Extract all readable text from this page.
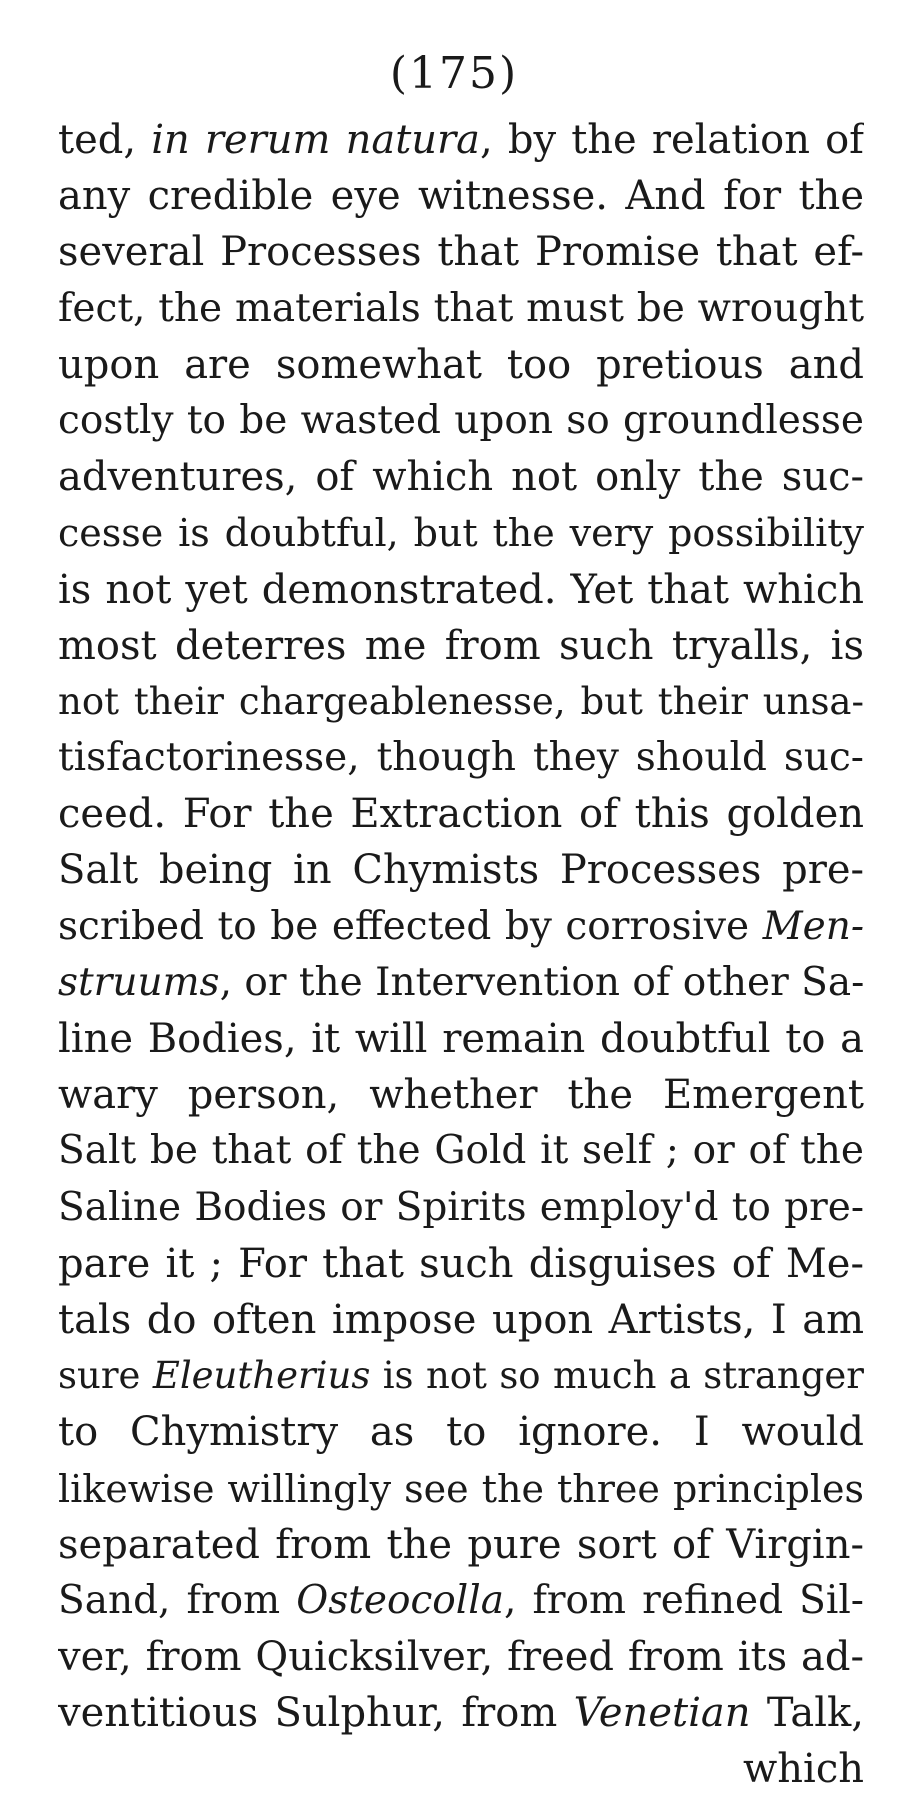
(175)
ted, in rerum natura, by the relation of
any credible eye witnesse. And for the
several Processes that Promise that ef-
fect, the materials that must be wrought
upon are somewhat too pretious and
costly to be wasted upon so groundlesse
adventures, of which not only the suc-
cesse is doubtful, but the very possibility
is not yet demonstrated. Yet that which
most deterres me from such tryalls, is
not their chargeablenesse, but their unsa-
tisfactorinesse, though they should suc-
ceed. For the Extraction of this golden
Salt being in Chymists Processes pre-
scribed to be effected by corrosive Men-
struums, or the Intervention of other Sa-
line Bodies, it will remain doubtful to a
wary person, whether the Emergent
Salt be that of the Gold it self ; or of the
Saline Bodies or Spirits employ'd to pre-
pare it ; For that such disguises of Me-
tals do often impose upon Artists, I am
sure Eleutherius is not so much a stranger
to Chymistry as to ignore. I would
likewise willingly see the three principles
separated from the pure sort of Virgin-
Sand, from Osteocolla, from refined Sil-
ver, from Quicksilver, freed from its ad-
ventitious Sulphur, from Venetian Talk,
which
